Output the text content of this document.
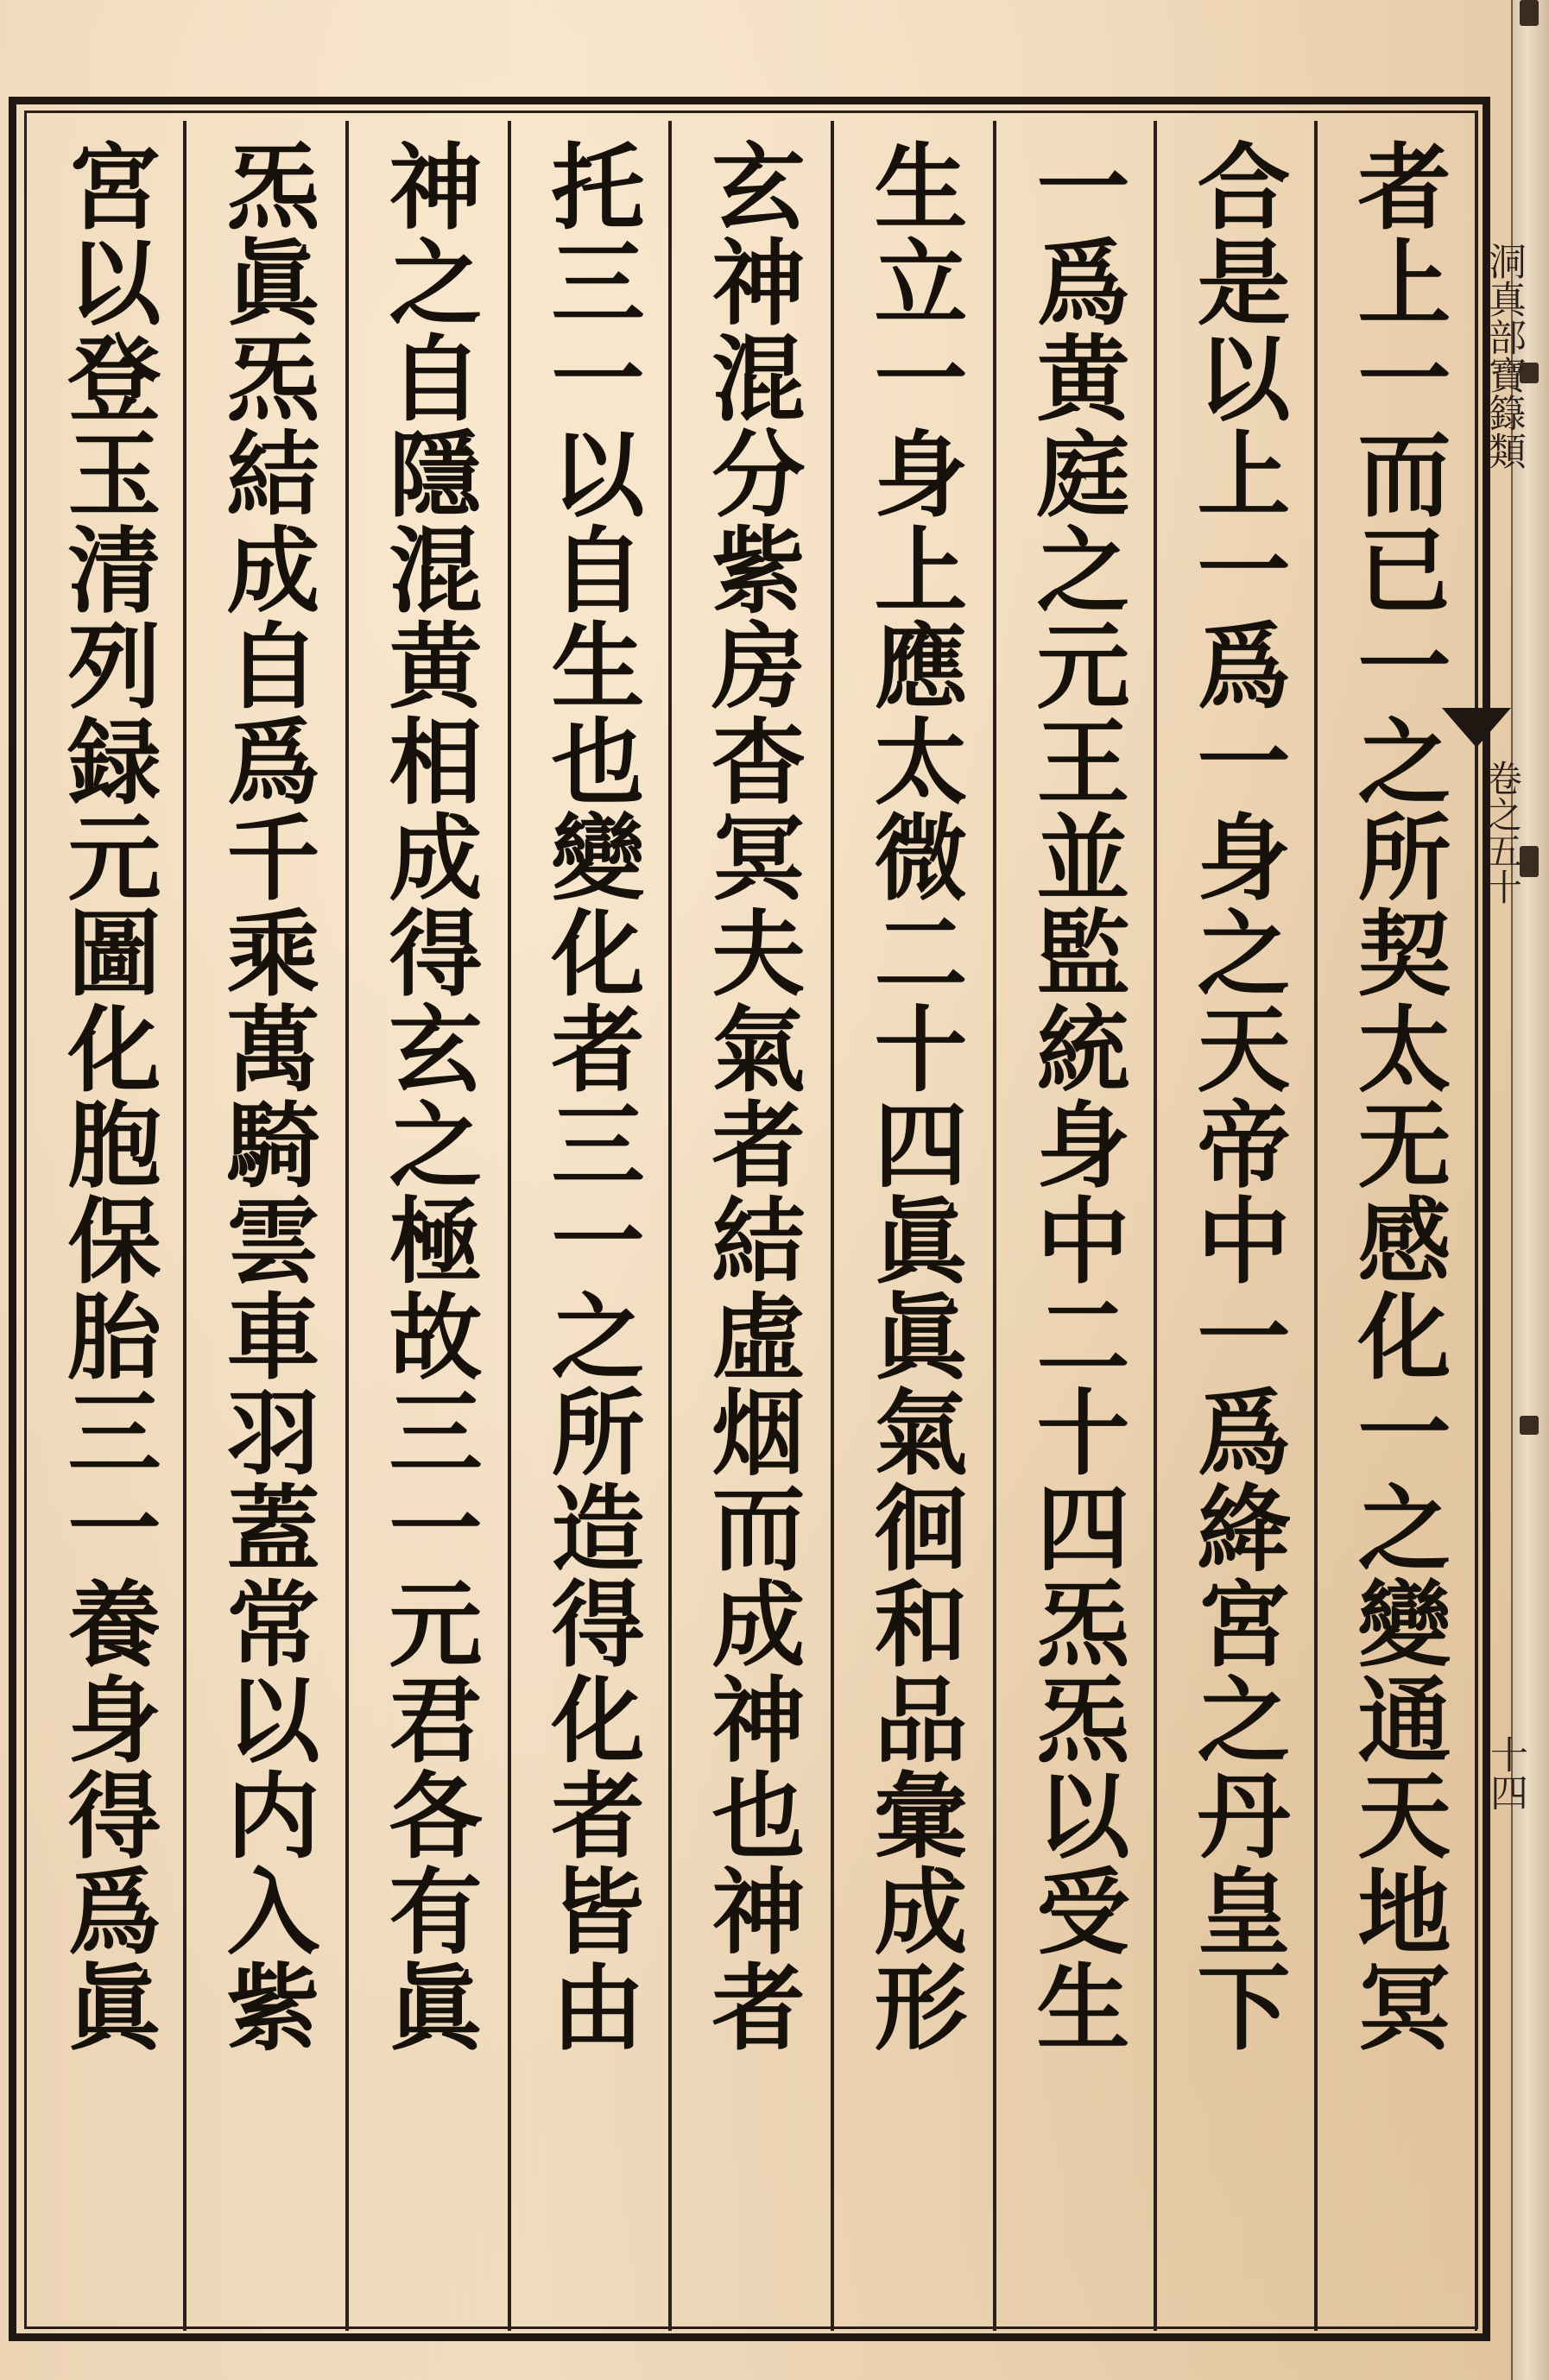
洞真部寶籙類
卷之五十
十四
者上一而已一之所契太无感化一之變通天地冥
合是以上一爲一身之天帝中一爲絳宮之丹皇下
一爲黄庭之元王並監統身中二十四炁炁以受生
生立一身上應太微二十四眞眞氣徊和品彙成形
玄神混分紫房杳冥夫氣者結虛烟而成神也神者
托三一以自生也變化者三一之所造得化者皆由
神之自隱混黄相成得玄之極故三一元君各有眞
炁眞炁結成自爲千乘萬騎雲車羽蓋常以内入紫
宮以登玉清列録元圖化胞保胎三一養身得爲眞
